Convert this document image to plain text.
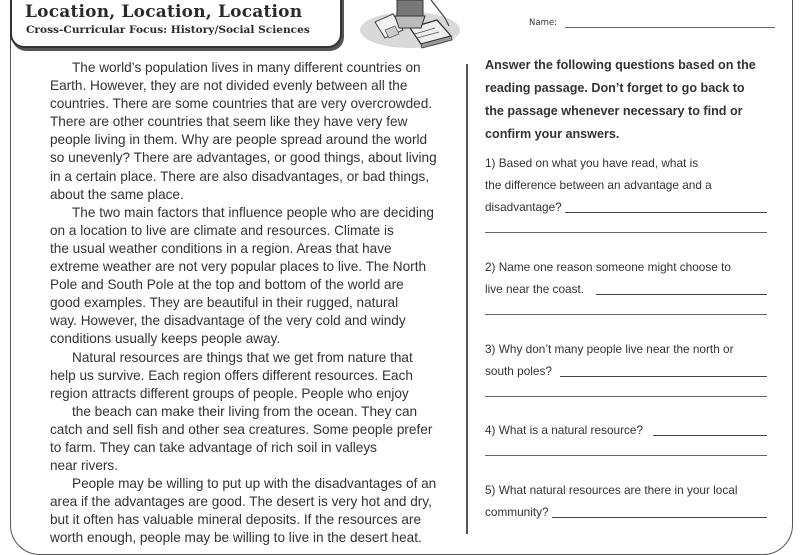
Location, Location, Location
Cross-Curricular Focus: History/Social Sciences
Name:

The world’s population lives in many different countries on
Earth. However, they are not divided evenly between all the
countries. There are some countries that are very overcrowded.
There are other countries that seem like they have very few
people living in them. Why are people spread around the world
so unevenly? There are advantages, or good things, about living
in a certain place. There are also disadvantages, or bad things,
about the same place.

The two main factors that influence people who are deciding
on a location to live are climate and resources. Climate is
the usual weather conditions in a region. Areas that have
extreme weather are not very popular places to live. The North
Pole and South Pole at the top and bottom of the world are
good examples. They are beautiful in their rugged, natural
way. However, the disadvantage of the very cold and windy
conditions usually keeps people away.

Natural resources are things that we get from nature that
help us survive. Each region offers different resources. Each
region attracts different groups of people. People who enjoy
the beach can make their living from the ocean. They can
catch and sell fish and other sea creatures. Some people prefer
to farm. They can take advantage of rich soil in valleys
near rivers.

People may be willing to put up with the disadvantages of an
area if the advantages are good. The desert is very hot and dry,
but it often has valuable mineral deposits. If the resources are
worth enough, people may be willing to live in the desert heat.

Answer the following questions based on the
reading passage. Don’t forget to go back to
the passage whenever necessary to find or
confirm your answers.
1) Based on what you have read, what is
the difference between an advantage and a
disadvantage?
2) Name one reason someone might choose to
live near the coast.
3) Why don’t many people live near the north or
south poles?
4) What is a natural resource?
5) What natural resources are there in your local
community?
